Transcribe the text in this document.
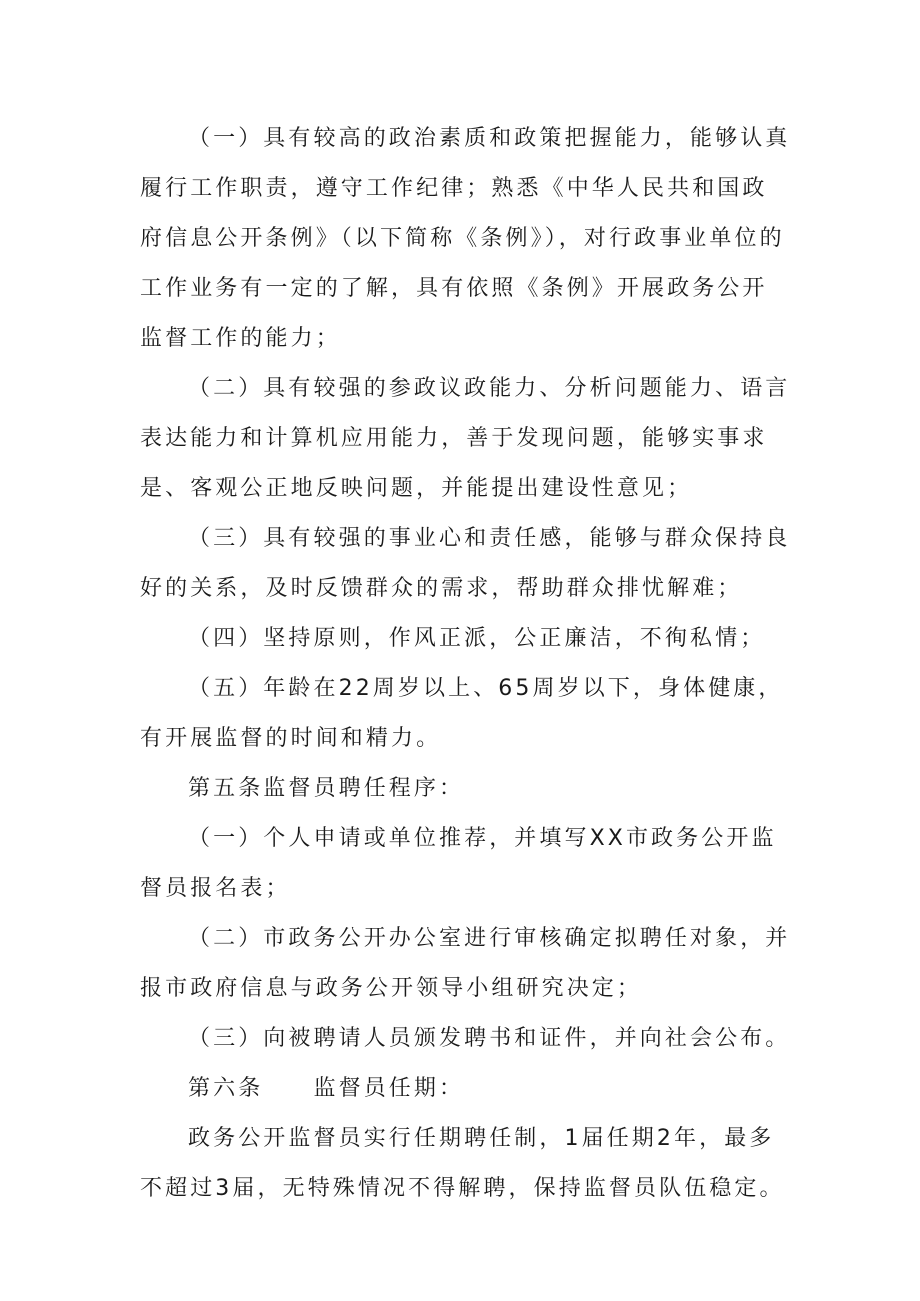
（一）具有较高的政治素质和政策把握能力，能够认真履行工作职责，遵守工作纪律；熟悉《中华人民共和国政府信息公开条例》（以下简称《条例》），对行政事业单位的工作业务有一定的了解，具有依照《条例》开展政务公开监督工作的能力；

（二）具有较强的参政议政能力、分析问题能力、语言表达能力和计算机应用能力，善于发现问题，能够实事求是、客观公正地反映问题，并能提出建设性意见；

（三）具有较强的事业心和责任感，能够与群众保持良好的关系，及时反馈群众的需求，帮助群众排忧解难；

（四）坚持原则，作风正派，公正廉洁，不徇私情；

（五）年龄在22周岁以上、65周岁以下，身体健康，有开展监督的时间和精力。

第五条监督员聘任程序：

（一）个人申请或单位推荐，并填写XX市政务公开监督员报名表；

（二）市政务公开办公室进行审核确定拟聘任对象，并报市政府信息与政务公开领导小组研究决定；

（三）向被聘请人员颁发聘书和证件，并向社会公布。

第六条　　监督员任期：

政务公开监督员实行任期聘任制，1届任期2年，最多不超过3届，无特殊情况不得解聘，保持监督员队伍稳定。
